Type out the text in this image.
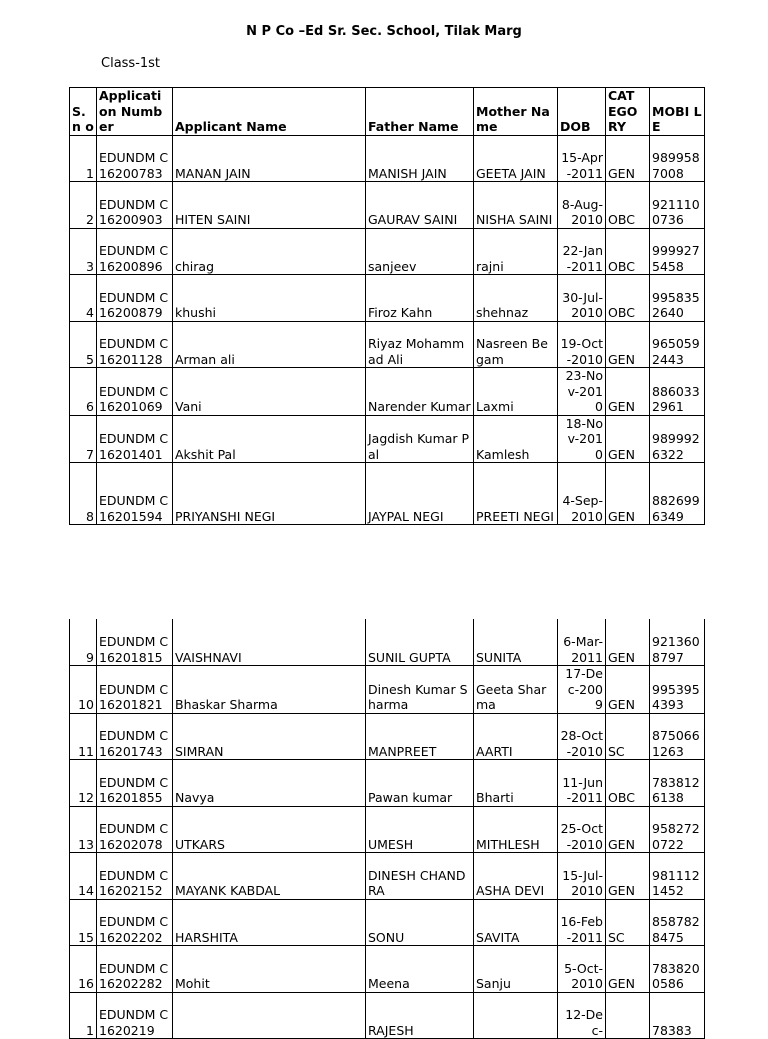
N P Co –Ed Sr. Sec. School, Tilak Marg
Class-1st
S. n o	Applicati on Number	Applicant Name	Father Name	Mother Name	DOB	CAT EGO RY	MOBI LE
1	EDUNDM C16200783	MANAN JAIN	MANISH JAIN	GEETA JAIN	15-Apr-2011	GEN	9899587008
2	EDUNDM C16200903	HITEN SAINI	GAURAV SAINI	NISHA SAINI	8-Aug-2010	OBC	9211100736
3	EDUNDM C16200896	chirag	sanjeev	rajni	22-Jan-2011	OBC	9999275458
4	EDUNDM C16200879	khushi	Firoz Kahn	shehnaz	30-Jul-2010	OBC	9958352640
5	EDUNDM C16201128	Arman ali	Riyaz Mohammad Ali	Nasreen Begam	19-Oct-2010	GEN	9650592443
6	EDUNDM C16201069	Vani	Narender Kumar	Laxmi	23-Nov-2010	GEN	8860332961
7	EDUNDM C16201401	Akshit Pal	Jagdish Kumar Pal	Kamlesh	18-Nov-2010	GEN	9899926322
8	EDUNDM C16201594	PRIYANSHI NEGI	JAYPAL NEGI	PREETI NEGI	4-Sep-2010	GEN	8826996349
9	EDUNDM C16201815	VAISHNAVI	SUNIL GUPTA	SUNITA	6-Mar-2011	GEN	9213608797
10	EDUNDM C16201821	Bhaskar Sharma	Dinesh Kumar Sharma	Geeta Sharma	17-Dec-2009	GEN	9953954393
11	EDUNDM C16201743	SIMRAN	MANPREET	AARTI	28-Oct-2010	SC	8750661263
12	EDUNDM C16201855	Navya	Pawan kumar	Bharti	11-Jun-2011	OBC	7838126138
13	EDUNDM C16202078	UTKARS	UMESH	MITHLESH	25-Oct-2010	GEN	9582720722
14	EDUNDM C16202152	MAYANK KABDAL	DINESH CHANDRA	ASHA DEVI	15-Jul-2010	GEN	9811121452
15	EDUNDM C16202202	HARSHITA	SONU	SAVITA	16-Feb-2011	SC	8587828475
16	EDUNDM C16202282	Mohit	Meena	Sanju	5-Oct-2010	GEN	7838200586
1	EDUNDM C1620219		RAJESH		12-Dec-		78383
